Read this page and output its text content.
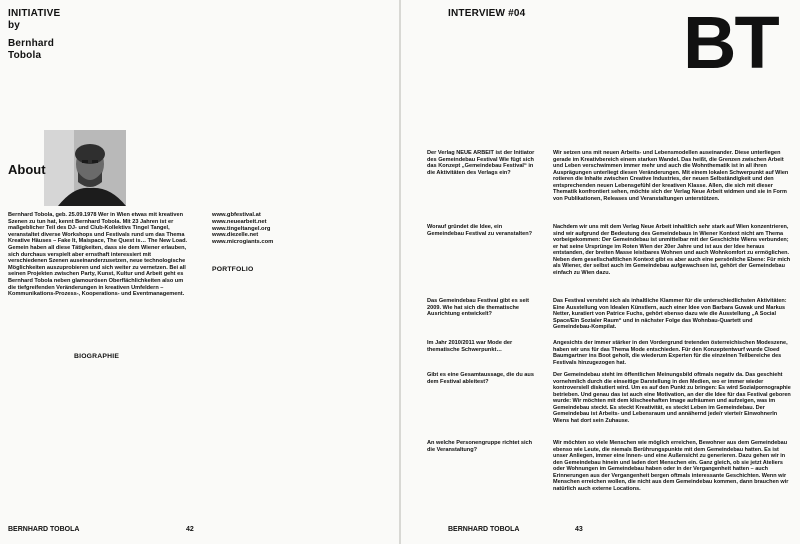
INITIATIVE
by
Bernhard
Tobola
About
Bernhard Tobola, geb. 25.09.1978 Wer in Wien etwas mit kreativen Szenen zu tun hat, kennt Bernhard Tobola. Mit 23 Jahren ist er maßgeblicher Teil des DJ- und Club-Kollektivs Tingel Tangel, veranstaltet diverse Workshops und Festivals rund um das Thema Kreative Häuses – Fake It, Maispace, The Quest is… The New Load. Gemein haben all diese Tätigkeiten, dass sie dem Wiener erlauben, sich durchaus verspielt aber ernsthaft interessiert mit verschiedenen Szenen auseinanderzusetzen, neue technologische Möglichkeiten auszuprobieren und sich weiter zu vernetzen. Bei all seinen Projekten zwischen Party, Kunst, Kultur und Arbeit geht es Bernhard Tobola neben glamourösen Oberflächlichkeiten also um die tiefgreifenden Veränderungen in kreativen Umfeldern – Kommunikations-Prozess-, Kooperations- und Eventmanagement.
www.gbfestival.at
www.neuearbeit.net
www.tingeltangel.org
www.diezelle.net
www.microgiants.com
PORTFOLIO
BIOGRAPHIE
BERNHARD TOBOLA	42
INTERVIEW #04 BT
Der Verlag NEUE ARBEIT ist der Initiator des Gemeindebau Festival Wie fügt sich das Konzept „Gemeindebau Festival“ in die Aktivitäten des Verlags ein?
Wir setzen uns mit neuen Arbeits- und Lebensmodellen auseinander. Diese unterliegen gerade im Kreativbereich einem starken Wandel. Das heißt, die Grenzen zwischen Arbeit und Leben verschwimmen immer mehr und auch die Wohnthematik ist in all ihren Ausprägungen unterliegt diesen Veränderungen. Mit einem lokalen Schwerpunkt auf Wien rotieren die Inhalte zwischen Creative Industries, der neuen Selbständigkeit und den entsprechenden neuen Lebensgefühl der kreativen Klasse. Allen, die sich mit dieser Thematik konfrontiert sehen, möchte sich der Verlag Neue Arbeit widmen und sie in Form von Publikationen, Releases und Veranstaltungen unterstützen.
Worauf gründet die Idee, ein Gemeindebau Festival zu veranstalten?
Nachdem wir uns mit dem Verlag Neue Arbeit inhaltlich sehr stark auf Wien konzentrieren, sind wir aufgrund der Bedeutung des Gemeindebaus in Wiener Kontext nicht am Thema vorbeigekommen: Der Gemeindebau ist unmittelbar mit der Geschichte Wiens verbunden; er hat seine Ursprünge im Roten Wien der 20er Jahre und ist aus der Idee heraus entstanden, der breiten Masse leistbares Wohnen und auch Wohnkomfort zu ermöglichen. Neben dem gesellschaftlichen Kontext gibt es aber auch eine persönliche Ebene: Für mich als Wiener, der selbst auch im Gemeindebau aufgewachsen ist, gehört der Gemeindebau einfach zu Wien dazu.
Das Gemeindebau Festival gibt es seit 2009. Wie hat sich die thematische Ausrichtung entwickelt?
Das Festival versteht sich als inhaltliche Klammer für die unterschiedlichsten Aktivitäten: Eine Ausstellung von Idealen Künstlern, auch einer Idee von Barbara Guwak und Markus Netter, kuratiert von Patrice Fuchs, gehört ebenso dazu wie die Ausstellung „A Social Space/Ein Sozialer Raum“ und in nächster Folge das Wohnbau-Quartett und Gemeindebau-Kompilat.
Im Jahr 2010/2011 war Mode der thematische Schwerpunkt…
Angesichts der immer stärker in den Vordergrund tretenden österreichischen Modeszene, haben wir uns für das Thema Mode entschieden. Für den Konzeptentwurf wurde Cloed Baumgartner ins Boot geholt, die wiederum Experten für die einzelnen Teilbereiche des Festivals hinzugezogen hat.
Gibt es eine Gesamtaussage, die du aus dem Festival ableitest?
Der Gemeindebau steht im öffentlichen Meinungsbild oftmals negativ da. Das geschieht vornehmlich durch die einseitige Darstellung in den Medien, wo er immer wieder kontroversiell diskutiert wird. Um es auf den Punkt zu bringen: Es wird Sozialpornographie betrieben. Und genau das ist auch eine Motivation, an der die Idee für das Festival geboren wurde: Wir möchten mit dem klischeehaften Image aufräumen und aufzeigen, was im Gemeindebau steckt. Es steckt Kreativität, es steckt Leben im Gemeindebau. Der Gemeindebau ist Arbeits- und Lebensraum und annähernd jede/r vierte/r EinwohnerIn Wiens hat dort sein Zuhause.
An welche Personengruppe richtet sich die Veranstaltung?
Wir möchten so viele Menschen wie möglich erreichen, Bewohner aus dem Gemeindebau ebenso wie Leute, die niemals Berührungspunkte mit dem Gemeindebau hatten. Es ist unser Anliegen, immer eine Innen- und eine Außensicht zu generieren. Dazu gehen wir in den Gemeindebau hinein und laden dort Menschen ein. Ganz gleich, ob sie jetzt Ateliers oder Wohnungen im Gemeindebau haben oder in der Vergangenheit hatten – auch Erinnerungen aus der Vergangenheit bergen oftmals interessante Geschichten. Wenn wir Menschen erreichen wollen, die nicht aus dem Gemeindebau kommen, dann brauchen wir natürlich auch externe Locations.
BERNHARD TOBOLA	43
